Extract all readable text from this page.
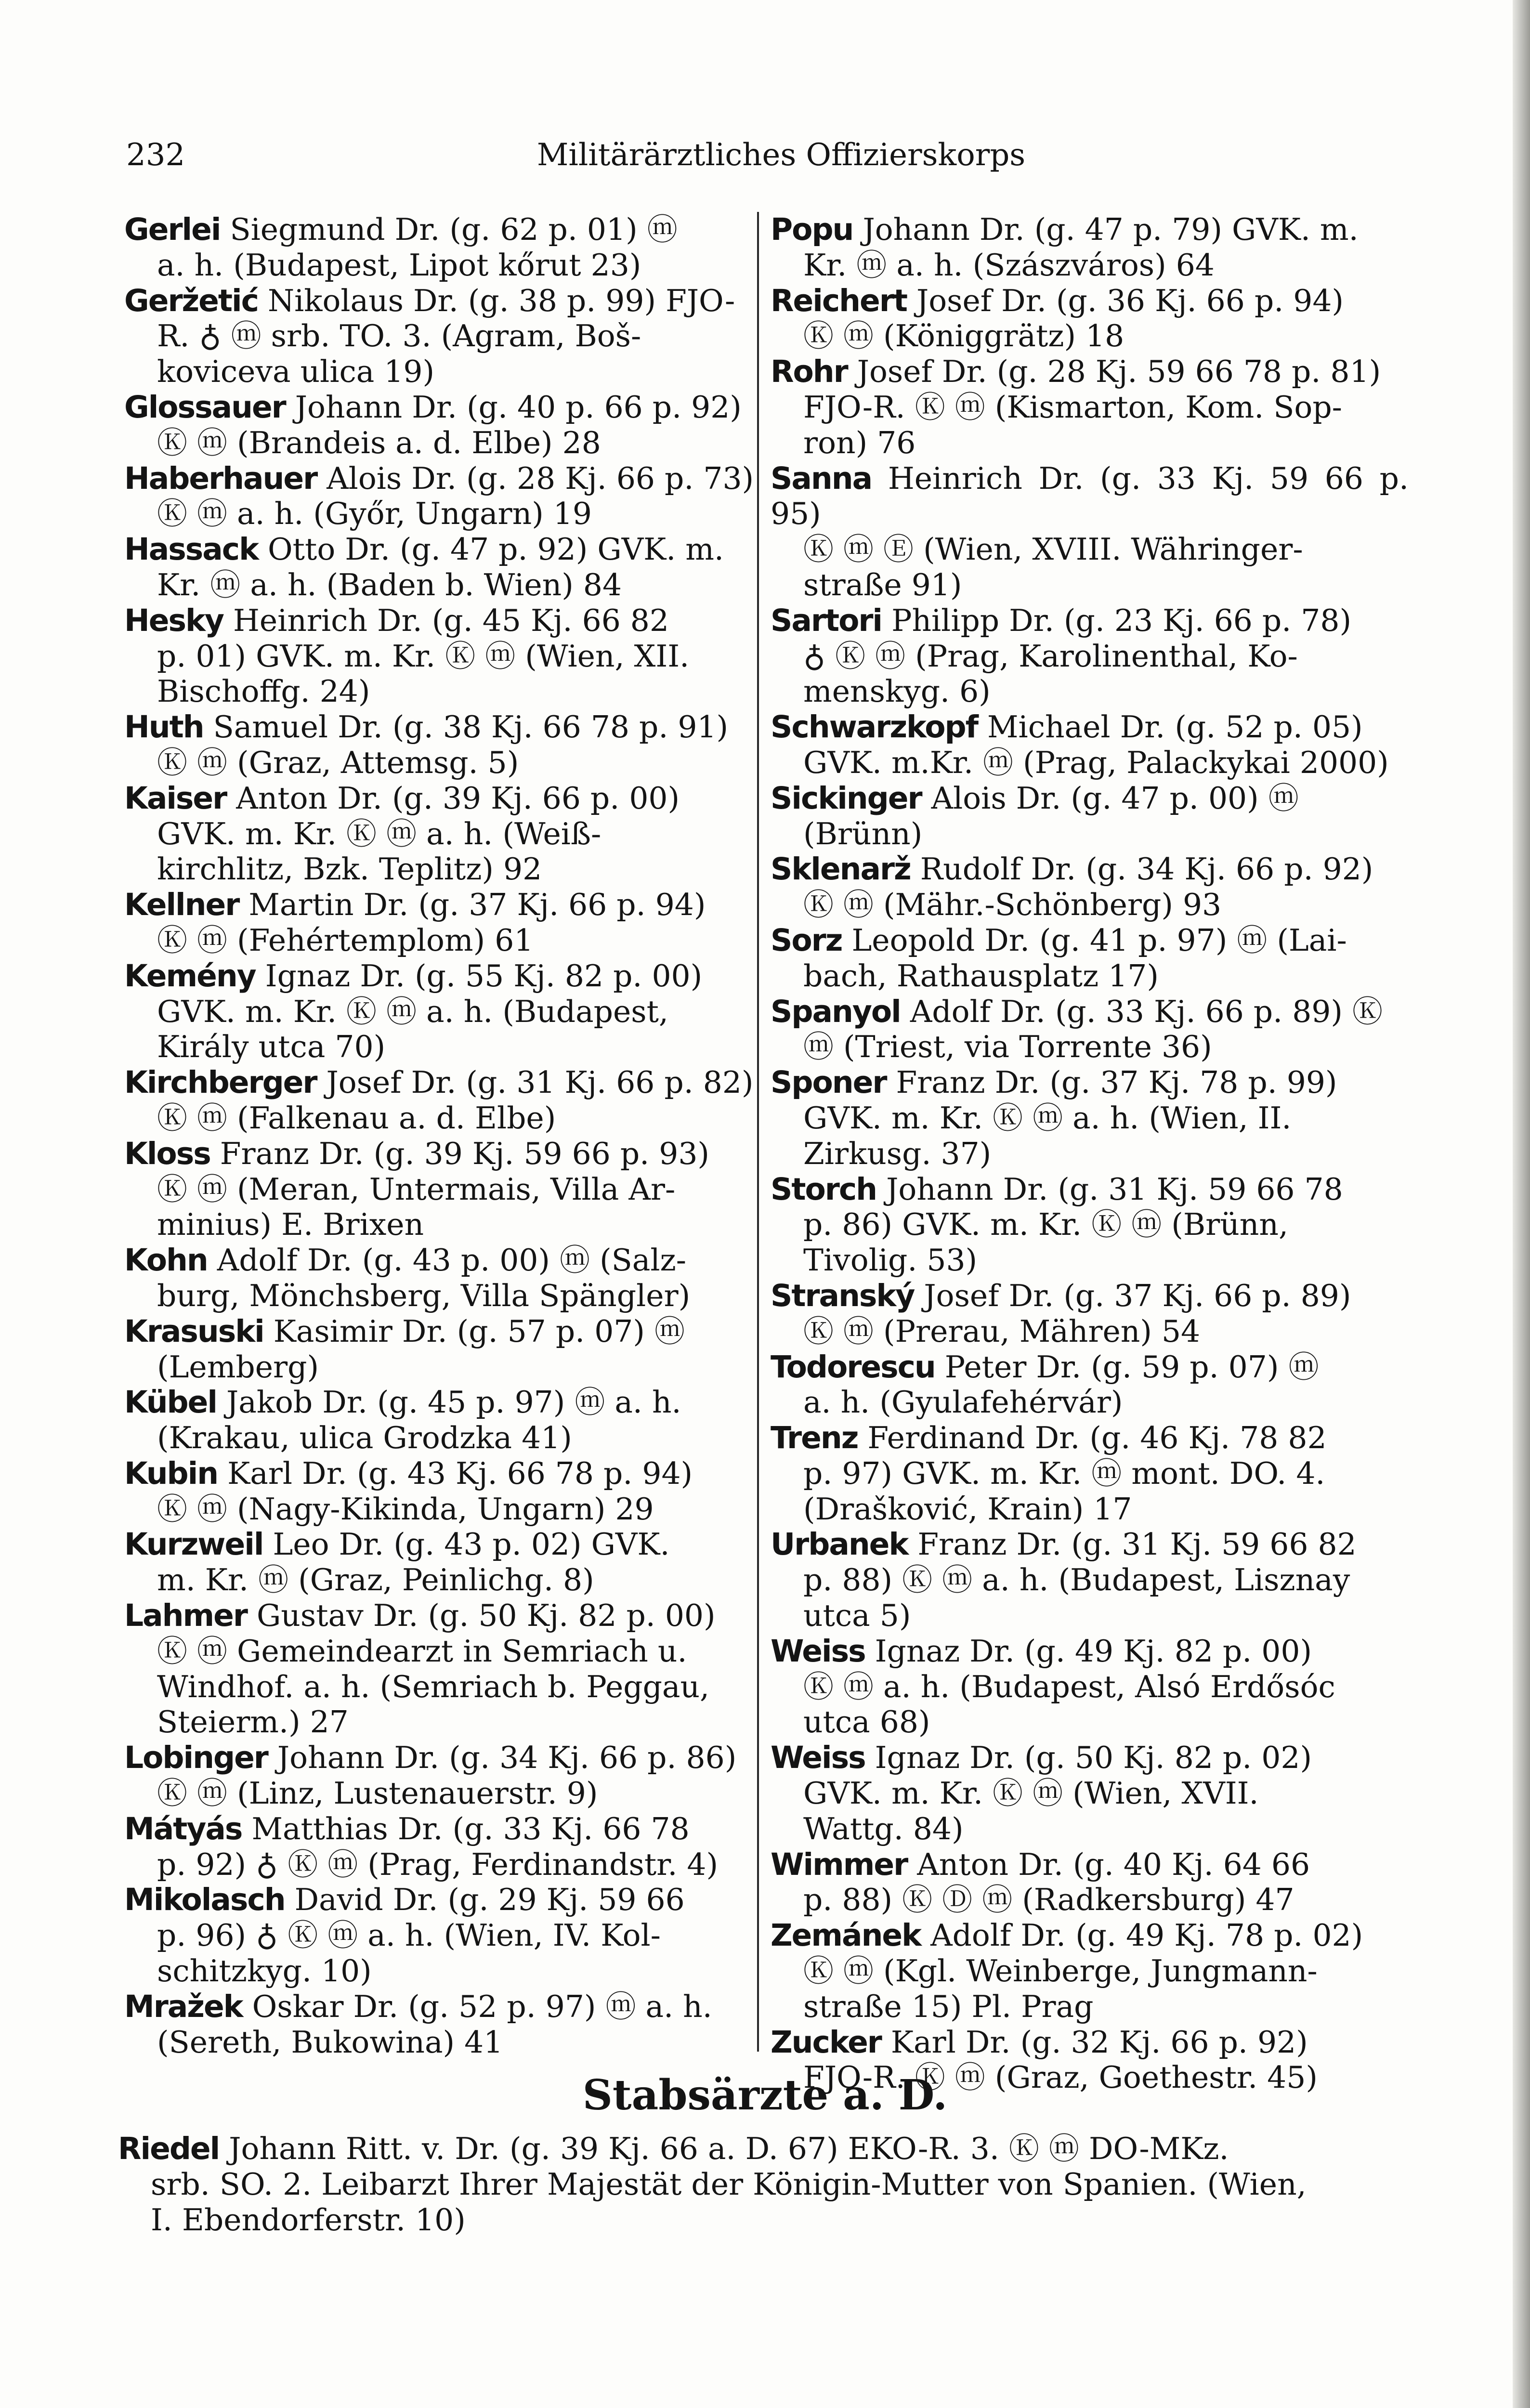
232	Militärärztliches Offizierskorps
Gerlei Siegmund Dr. (g. 62 p. 01) ⓜ
a. h. (Budapest, Lipot kőrut 23)
Geržetić Nikolaus Dr. (g. 38 p. 99) FJO-
R. ♁ ⓜ srb. TO. 3. (Agram, Boš-
koviceva ulica 19)
Glossauer Johann Dr. (g. 40 p. 66 p. 92)
Ⓚ ⓜ (Brandeis a. d. Elbe) 28
Haberhauer Alois Dr. (g. 28 Kj. 66 p. 73)
Ⓚ ⓜ a. h. (Győr, Ungarn) 19
Hassack Otto Dr. (g. 47 p. 92) GVK. m.
Kr. ⓜ a. h. (Baden b. Wien) 84
Hesky Heinrich Dr. (g. 45 Kj. 66 82
p. 01) GVK. m. Kr. Ⓚ ⓜ (Wien, XII.
Bischoffg. 24)
Huth Samuel Dr. (g. 38 Kj. 66 78 p. 91)
Ⓚ ⓜ (Graz, Attemsg. 5)
Kaiser Anton Dr. (g. 39 Kj. 66 p. 00)
GVK. m. Kr. Ⓚ ⓜ a. h. (Weiß-
kirchlitz, Bzk. Teplitz) 92
Kellner Martin Dr. (g. 37 Kj. 66 p. 94)
Ⓚ ⓜ (Fehértemplom) 61
Kemény Ignaz Dr. (g. 55 Kj. 82 p. 00)
GVK. m. Kr. Ⓚ ⓜ a. h. (Budapest,
Király utca 70)
Kirchberger Josef Dr. (g. 31 Kj. 66 p. 82)
Ⓚ ⓜ (Falkenau a. d. Elbe)
Kloss Franz Dr. (g. 39 Kj. 59 66 p. 93)
Ⓚ ⓜ (Meran, Untermais, Villa Ar-
minius) E. Brixen
Kohn Adolf Dr. (g. 43 p. 00) ⓜ (Salz-
burg, Mönchsberg, Villa Spängler)
Krasuski Kasimir Dr. (g. 57 p. 07) ⓜ
(Lemberg)
Kübel Jakob Dr. (g. 45 p. 97) ⓜ a. h.
(Krakau, ulica Grodzka 41)
Kubin Karl Dr. (g. 43 Kj. 66 78 p. 94)
Ⓚ ⓜ (Nagy-Kikinda, Ungarn) 29
Kurzweil Leo Dr. (g. 43 p. 02) GVK.
m. Kr. ⓜ (Graz, Peinlichg. 8)
Lahmer Gustav Dr. (g. 50 Kj. 82 p. 00)
Ⓚ ⓜ Gemeindearzt in Semriach u.
Windhof. a. h. (Semriach b. Peggau,
Steierm.) 27
Lobinger Johann Dr. (g. 34 Kj. 66 p. 86)
Ⓚ ⓜ (Linz, Lustenauerstr. 9)
Mátyás Matthias Dr. (g. 33 Kj. 66 78
p. 92) ♁ Ⓚ ⓜ (Prag, Ferdinandstr. 4)
Mikolasch David Dr. (g. 29 Kj. 59 66
p. 96) ♁ Ⓚ ⓜ a. h. (Wien, IV. Kol-
schitzkyg. 10)
Mražek Oskar Dr. (g. 52 p. 97) ⓜ a. h.
(Sereth, Bukowina) 41
Popu Johann Dr. (g. 47 p. 79) GVK. m.
Kr. ⓜ a. h. (Szászváros) 64
Reichert Josef Dr. (g. 36 Kj. 66 p. 94)
Ⓚ ⓜ (Königgrätz) 18
Rohr Josef Dr. (g. 28 Kj. 59 66 78 p. 81)
FJO-R. Ⓚ ⓜ (Kismarton, Kom. Sop-
ron) 76
Sanna Heinrich Dr. (g. 33 Kj. 59 66 p. 95)
Ⓚ ⓜ Ⓔ (Wien, XVIII. Währinger-
straße 91)
Sartori Philipp Dr. (g. 23 Kj. 66 p. 78)
♁ Ⓚ ⓜ (Prag, Karolinenthal, Ko-
menskyg. 6)
Schwarzkopf Michael Dr. (g. 52 p. 05)
GVK. m.Kr. ⓜ (Prag, Palackykai 2000)
Sickinger Alois Dr. (g. 47 p. 00) ⓜ
(Brünn)
Sklenarž Rudolf Dr. (g. 34 Kj. 66 p. 92)
Ⓚ ⓜ (Mähr.-Schönberg) 93
Sorz Leopold Dr. (g. 41 p. 97) ⓜ (Lai-
bach, Rathausplatz 17)
Spanyol Adolf Dr. (g. 33 Kj. 66 p. 89) Ⓚ
ⓜ (Triest, via Torrente 36)
Sponer Franz Dr. (g. 37 Kj. 78 p. 99)
GVK. m. Kr. Ⓚ ⓜ a. h. (Wien, II.
Zirkusg. 37)
Storch Johann Dr. (g. 31 Kj. 59 66 78
p. 86) GVK. m. Kr. Ⓚ ⓜ (Brünn,
Tivolig. 53)
Stranský Josef Dr. (g. 37 Kj. 66 p. 89)
Ⓚ ⓜ (Prerau, Mähren) 54
Todorescu Peter Dr. (g. 59 p. 07) ⓜ
a. h. (Gyulafehérvár)
Trenz Ferdinand Dr. (g. 46 Kj. 78 82
p. 97) GVK. m. Kr. ⓜ mont. DO. 4.
(Drašković, Krain) 17
Urbanek Franz Dr. (g. 31 Kj. 59 66 82
p. 88) Ⓚ ⓜ a. h. (Budapest, Lisznay
utca 5)
Weiss Ignaz Dr. (g. 49 Kj. 82 p. 00)
Ⓚ ⓜ a. h. (Budapest, Alsó Erdősóc
utca 68)
Weiss Ignaz Dr. (g. 50 Kj. 82 p. 02)
GVK. m. Kr. Ⓚ ⓜ (Wien, XVII.
Wattg. 84)
Wimmer Anton Dr. (g. 40 Kj. 64 66
p. 88) Ⓚ Ⓓ ⓜ (Radkersburg) 47
Zemánek Adolf Dr. (g. 49 Kj. 78 p. 02)
Ⓚ ⓜ (Kgl. Weinberge, Jungmann-
straße 15) Pl. Prag
Zucker Karl Dr. (g. 32 Kj. 66 p. 92)
FJO-R. Ⓚ ⓜ (Graz, Goethestr. 45)
Stabsärzte a. D.
Riedel Johann Ritt. v. Dr. (g. 39 Kj. 66 a. D. 67) EKO-R. 3. Ⓚ ⓜ DO-MKz.
srb. SO. 2. Leibarzt Ihrer Majestät der Königin-Mutter von Spanien. (Wien,
I. Ebendorferstr. 10)
